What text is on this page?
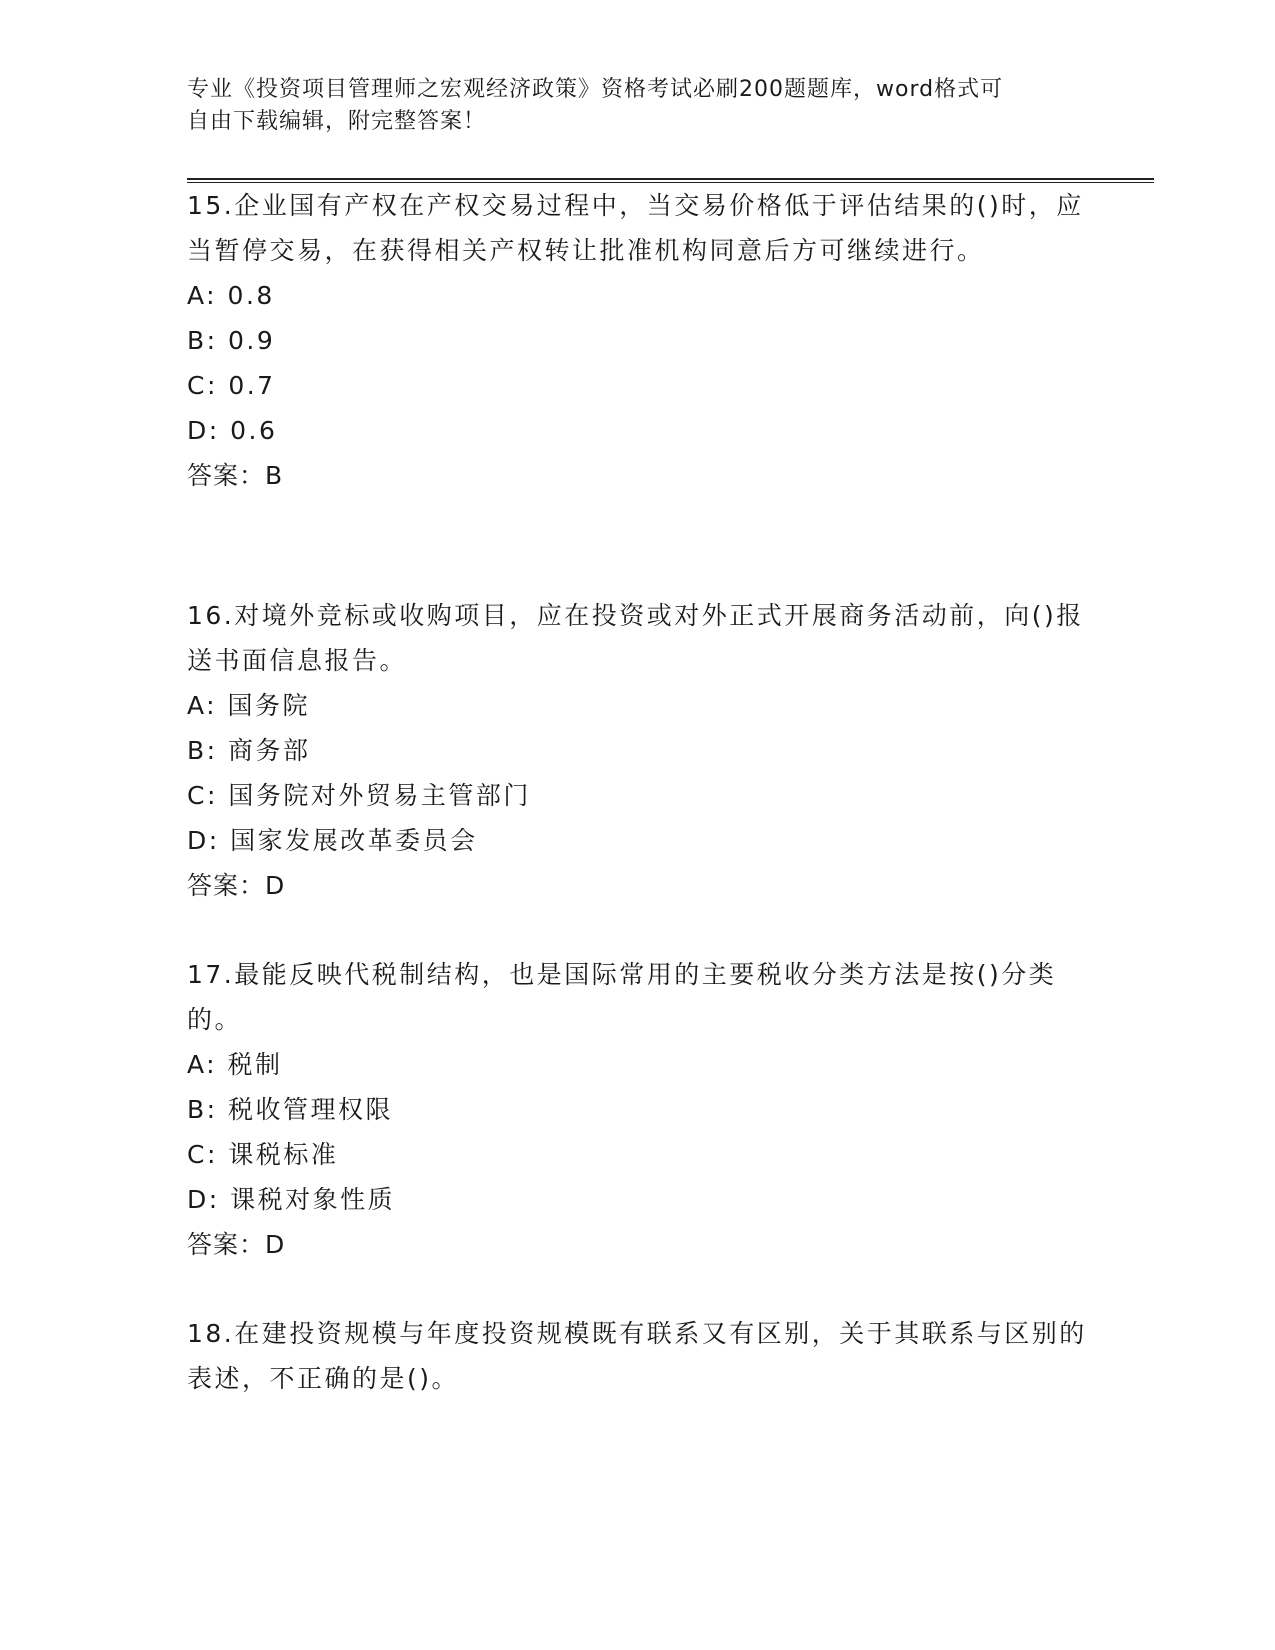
专业《投资项目管理师之宏观经济政策》资格考试必刷200题题库，word格式可
自由下载编辑，附完整答案！

15.企业国有产权在产权交易过程中，当交易价格低于评估结果的()时，应当暂停交易，在获得相关产权转让批准机构同意后方可继续进行。

A: 0.8

B: 0.9

C: 0.7

D: 0.6

答案：B

16.对境外竞标或收购项目，应在投资或对外正式开展商务活动前，向()报送书面信息报告。

A: 国务院

B: 商务部

C: 国务院对外贸易主管部门

D: 国家发展改革委员会

答案：D

17.最能反映代税制结构，也是国际常用的主要税收分类方法是按()分类的。

A: 税制

B: 税收管理权限

C: 课税标准

D: 课税对象性质

答案：D

18.在建投资规模与年度投资规模既有联系又有区别，关于其联系与区别的表述，不正确的是()。
